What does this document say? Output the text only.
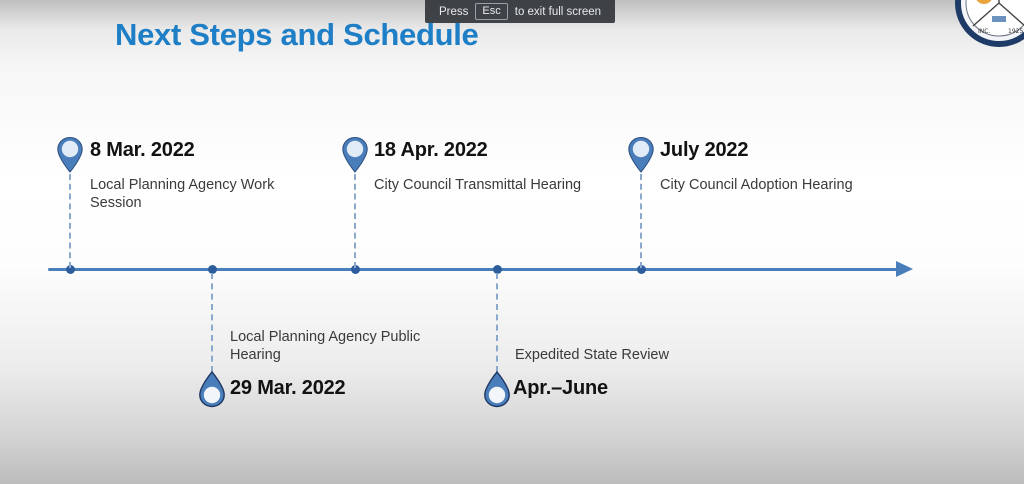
Press	Esc	to exit full screen
Next Steps and Schedule	INC.	1925
8 Mar. 2022
Local Planning Agency Work Session
18 Apr. 2022
City Council Transmittal Hearing
July 2022
City Council Adoption Hearing
Local Planning Agency Public Hearing
29 Mar. 2022
Expedited State Review
Apr.–June
